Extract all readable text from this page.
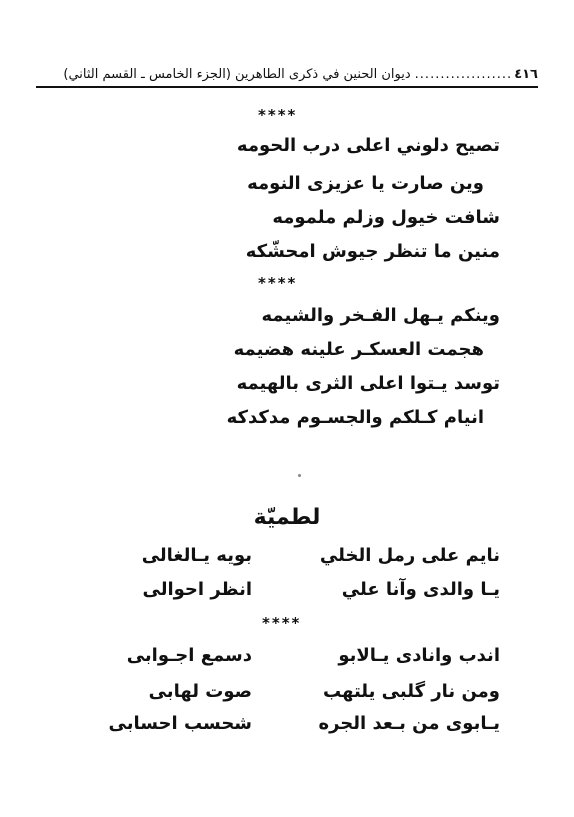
٤١٦
...................
ديوان الحنين في ذكرى الطاهرين (الجزء الخامس ـ القسم الثاني)
****
تصيح دلوني اعلى درب الحومه
وين صارت يا عزيزى النومه
شافت خيول وزلم ملمومه
منين ما تنظر جيوش امحشّكه
****
وينكم يـهل الفـخر والشيمه
هجمت العسكـر علينه هضيمه
توسد يـتوا اعلى الثرى بالهيمه
انيام كـلكم والجسـوم مدكدكه
لطميّة
نايم على رمل الخلي
بويه يـالغالى
يـا والدى وآنا علي
انظر احوالى
****
اندب وانادى يـالابو
دسمع اجـوابى
ومن نار گلبى يلتهب
صوت لهابى
يـابوى من بـعد الجره
شحسب احسابى
